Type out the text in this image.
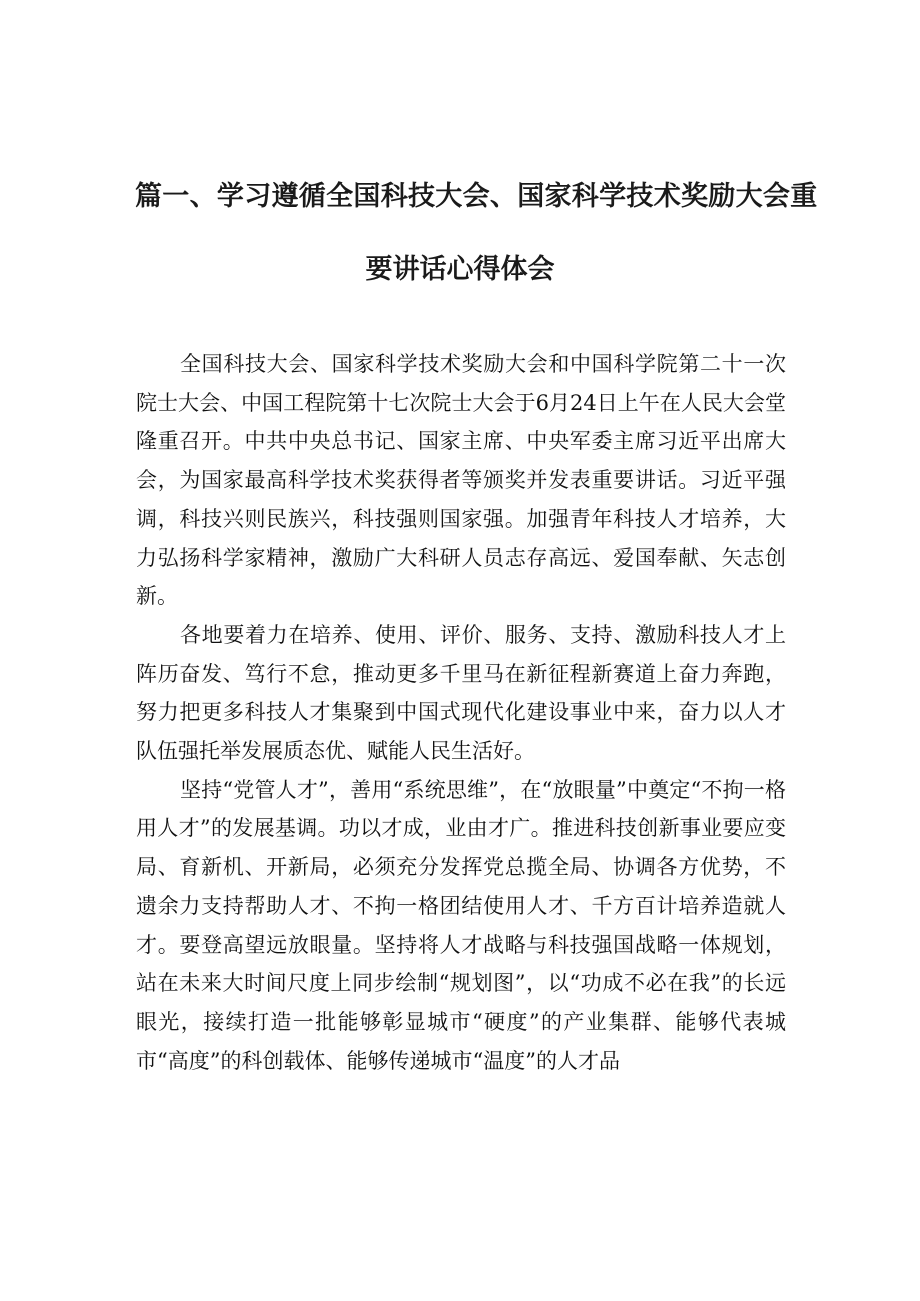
篇一、学习遵循全国科技大会、国家科学技术奖励大会重
要讲话心得体会

全国科技大会、国家科学技术奖励大会和中国科学院第二十一次院士大会、中国工程院第十七次院士大会于6月24日上午在人民大会堂隆重召开。中共中央总书记、国家主席、中央军委主席习近平出席大会，为国家最高科学技术奖获得者等颁奖并发表重要讲话。习近平强调，科技兴则民族兴，科技强则国家强。加强青年科技人才培养，大力弘扬科学家精神，激励广大科研人员志存高远、爱国奉献、矢志创新。

各地要着力在培养、使用、评价、服务、支持、激励科技人才上阵历奋发、笃行不怠，推动更多千里马在新征程新赛道上奋力奔跑，努力把更多科技人才集聚到中国式现代化建设事业中来，奋力以人才队伍强托举发展质态优、赋能人民生活好。

坚持“党管人才”，善用“系统思维”，在“放眼量”中奠定“不拘一格用人才”的发展基调。功以才成，业由才广。推进科技创新事业要应变局、育新机、开新局，必须充分发挥党总揽全局、协调各方优势，不遗余力支持帮助人才、不拘一格团结使用人才、千方百计培养造就人才。要登高望远放眼量。坚持将人才战略与科技强国战略一体规划，站在未来大时间尺度上同步绘制“规划图”，以“功成不必在我”的长远眼光，接续打造一批能够彰显城市“硬度”的产业集群、能够代表城市“高度”的科创载体、能够传递城市“温度”的人才品
